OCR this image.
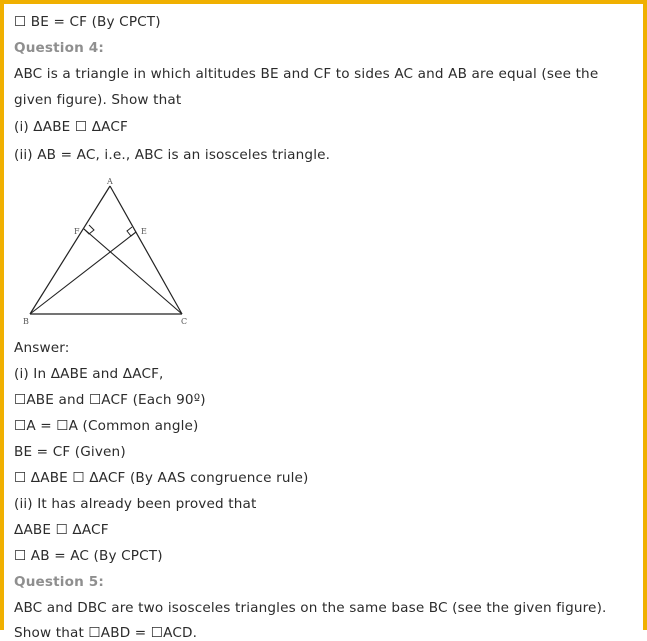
☐ BE = CF (By CPCT)
Question 4:
ABC is a triangle in which altitudes BE and CF to sides AC and AB are equal (see the
given figure). Show that
(i) ΔABE ☐ ΔACF
(ii) AB = AC, i.e., ABC is an isosceles triangle.
A
B	C
F	E
Answer:
(i) In ΔABE and ΔACF,
☐ABE and ☐ACF (Each 90º)
☐A = ☐A (Common angle)
BE = CF (Given)
☐ ΔABE ☐ ΔACF (By AAS congruence rule)
(ii) It has already been proved that
ΔABE ☐ ΔACF
☐ AB = AC (By CPCT)
Question 5:
ABC and DBC are two isosceles triangles on the same base BC (see the given figure).
Show that ☐ABD = ☐ACD.
